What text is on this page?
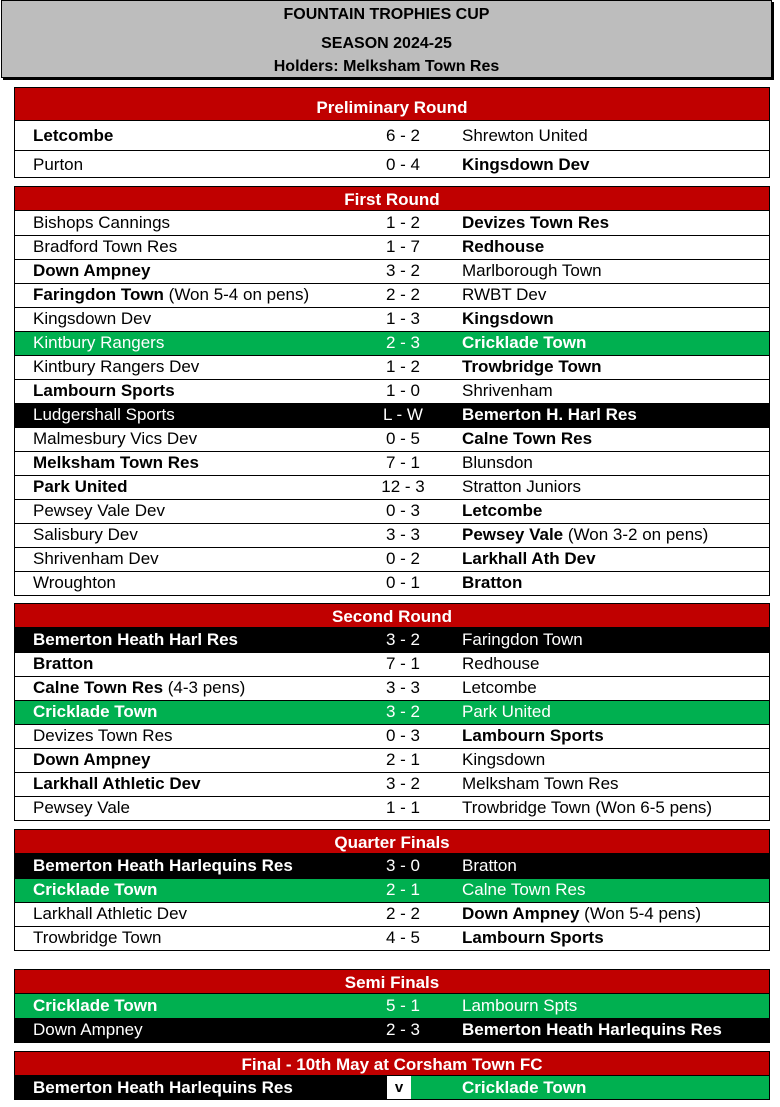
FOUNTAIN TROPHIES CUP
SEASON 2024-25
Holders: Melksham Town Res
Preliminary Round
Letcombe	6 - 2	Shrewton United
Purton	0 - 4	Kingsdown Dev
First Round
Bishops Cannings	1 - 2	Devizes Town Res
Bradford Town Res	1 - 7	Redhouse
Down Ampney	3 - 2	Marlborough Town
Faringdon Town (Won 5-4 on pens)	2 - 2	RWBT Dev
Kingsdown Dev	1 - 3	Kingsdown
Kintbury Rangers	2 - 3	Cricklade Town
Kintbury Rangers Dev	1 - 2	Trowbridge Town
Lambourn Sports	1 - 0	Shrivenham
Ludgershall Sports	L - W	Bemerton H. Harl Res
Malmesbury Vics Dev	0 - 5	Calne Town Res
Melksham Town Res	7 - 1	Blunsdon
Park United	12 - 3	Stratton Juniors
Pewsey Vale Dev	0 - 3	Letcombe
Salisbury Dev	3 - 3	Pewsey Vale (Won 3-2 on pens)
Shrivenham Dev	0 - 2	Larkhall Ath Dev
Wroughton	0 - 1	Bratton
Second Round
Bemerton Heath Harl Res	3 - 2	Faringdon Town
Bratton	7 - 1	Redhouse
Calne Town Res (4-3 pens)	3 - 3	Letcombe
Cricklade Town	3 - 2	Park United
Devizes Town Res	0 - 3	Lambourn Sports
Down Ampney	2 - 1	Kingsdown
Larkhall Athletic Dev	3 - 2	Melksham Town Res
Pewsey Vale	1 - 1	Trowbridge Town (Won 6-5 pens)
Quarter Finals
Bemerton Heath Harlequins Res	3 - 0	Bratton
Cricklade Town	2 - 1	Calne Town Res
Larkhall Athletic Dev	2 - 2	Down Ampney (Won 5-4 pens)
Trowbridge Town	4 - 5	Lambourn Sports
Semi Finals
Cricklade Town	5 - 1	Lambourn Spts
Down Ampney	2 - 3	Bemerton Heath Harlequins Res
Final - 10th May at Corsham Town FC
Bemerton Heath Harlequins Res	v	Cricklade Town
